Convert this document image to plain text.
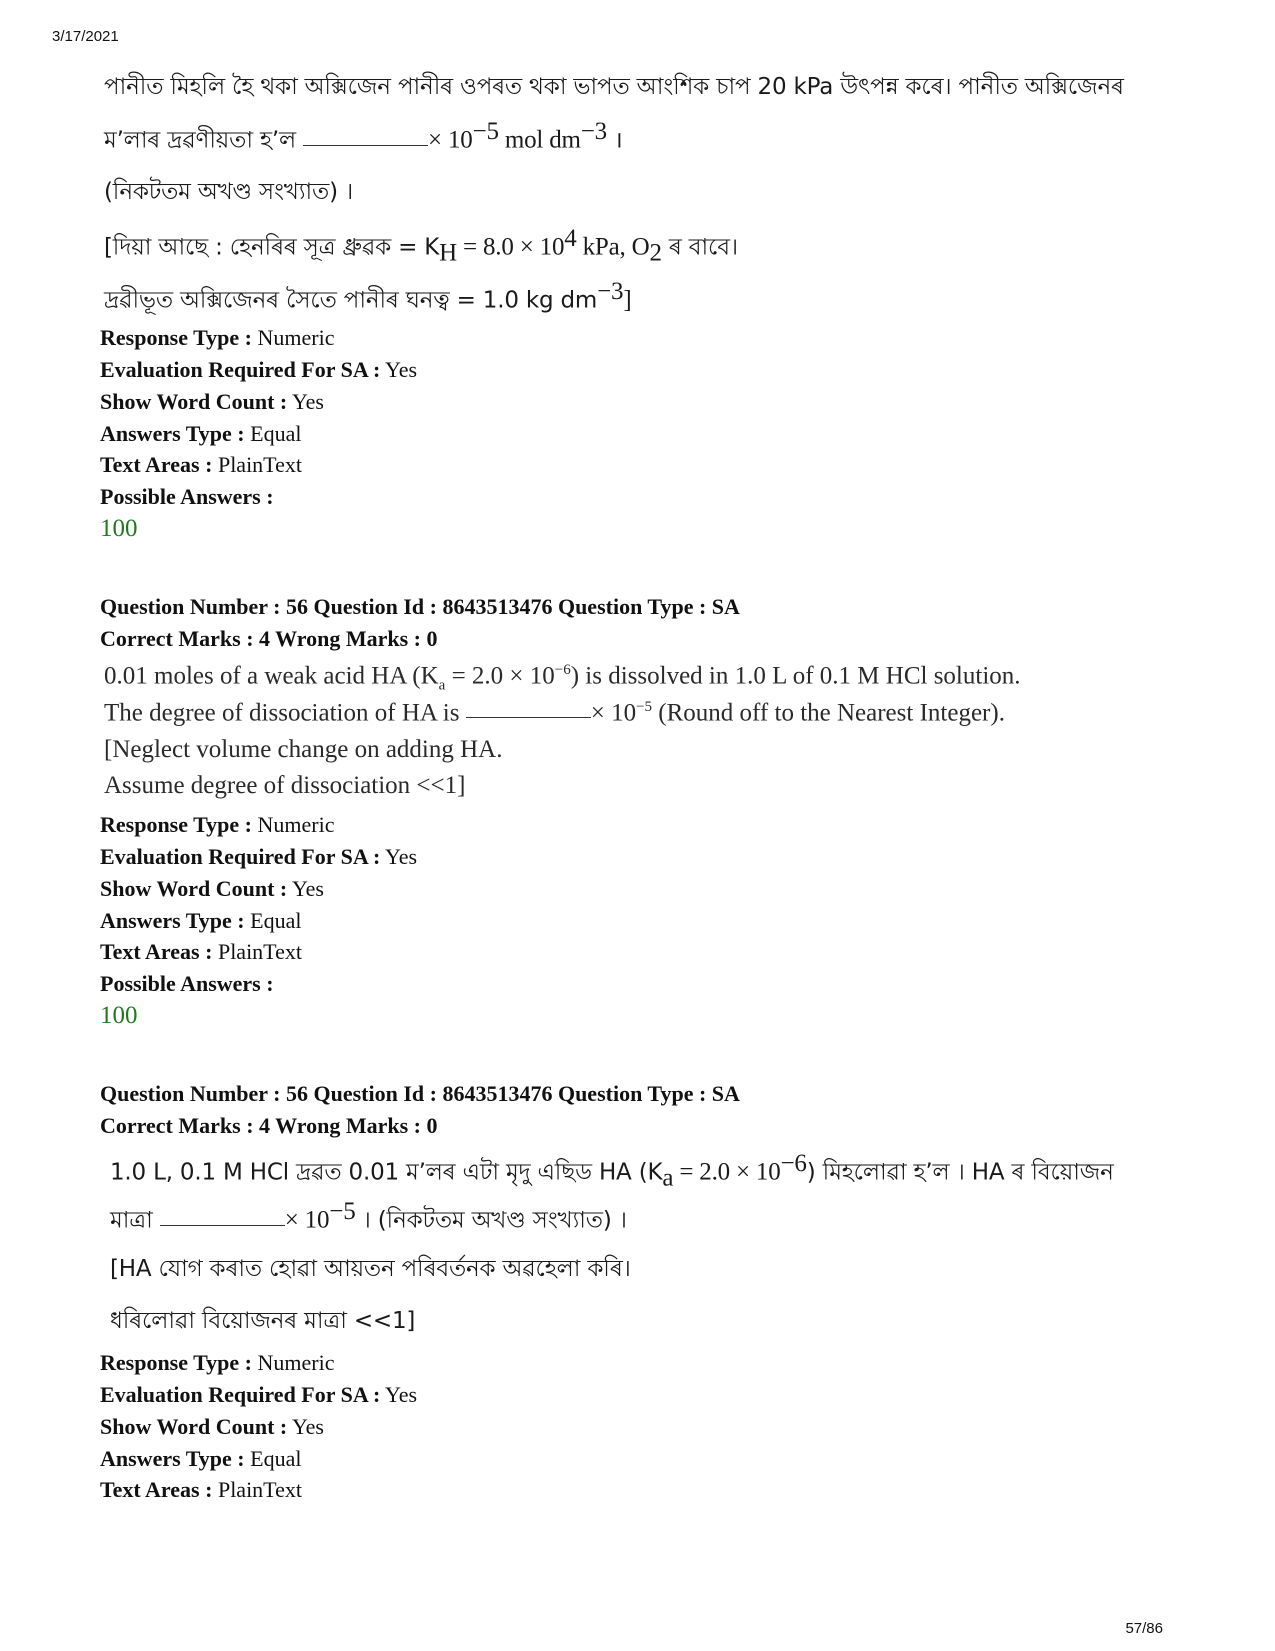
3/17/2021
পানীত মিহলি হৈ থকা অক্সিজেন পানীৰ ওপৰত থকা ভাপত আংশিক চাপ 20 kPa উৎপন্ন কৰে। পানীত অক্সিজেনৰ
ম’লাৰ দ্ৰৱণীয়তা হ’ল	× $10^{-5}$ mol $dm^{-3}$ ।
(নিকটতম অখণ্ড সংখ্যাত) ।
[দিয়া আছে : হেনৰিৰ সূত্ৰ ধ্ৰুৱক = $K_H = 8.0 \times 10^4$ kPa, $O_2$ ৰ বাবে।
দ্ৰৱীভূত অক্সিজেনৰ সৈতে পানীৰ ঘনত্ব = 1.0 kg $dm^{-3}$]
Response Type : Numeric
Evaluation Required For SA : Yes
Show Word Count : Yes
Answers Type : Equal
Text Areas : PlainText
Possible Answers :
100
Question Number : 56 Question Id : 8643513476 Question Type : SA
Correct Marks : 4 Wrong Marks : 0
0.01 moles of a weak acid HA $(K_a = 2.0 \times 10^{-6})$ is dissolved in 1.0 L of 0.1 M HCl solution.
The degree of dissociation of HA is	× $10^{-5}$ (Round off to the Nearest Integer).
[Neglect volume change on adding HA.
Assume degree of dissociation <<1]
Response Type : Numeric
Evaluation Required For SA : Yes
Show Word Count : Yes
Answers Type : Equal
Text Areas : PlainText
Possible Answers :
100
Question Number : 56 Question Id : 8643513476 Question Type : SA
Correct Marks : 4 Wrong Marks : 0
1.0 L, 0.1 M HCl দ্ৰৱত 0.01 ম’লৰ এটা মৃদু এছিড HA $(K_a = 2.0 \times 10^{-6})$ মিহলোৱা হ’ল । HA ৰ বিয়োজন
মাত্ৰা	× $10^{-5}$ । (নিকটতম অখণ্ড সংখ্যাত) ।
[HA যোগ কৰাত হোৱা আয়তন পৰিবৰ্তনক অৱহেলা কৰি।
ধৰিলোৱা বিয়োজনৰ মাত্ৰা <<1]
Response Type : Numeric
Evaluation Required For SA : Yes
Show Word Count : Yes
Answers Type : Equal
Text Areas : PlainText
57/86
